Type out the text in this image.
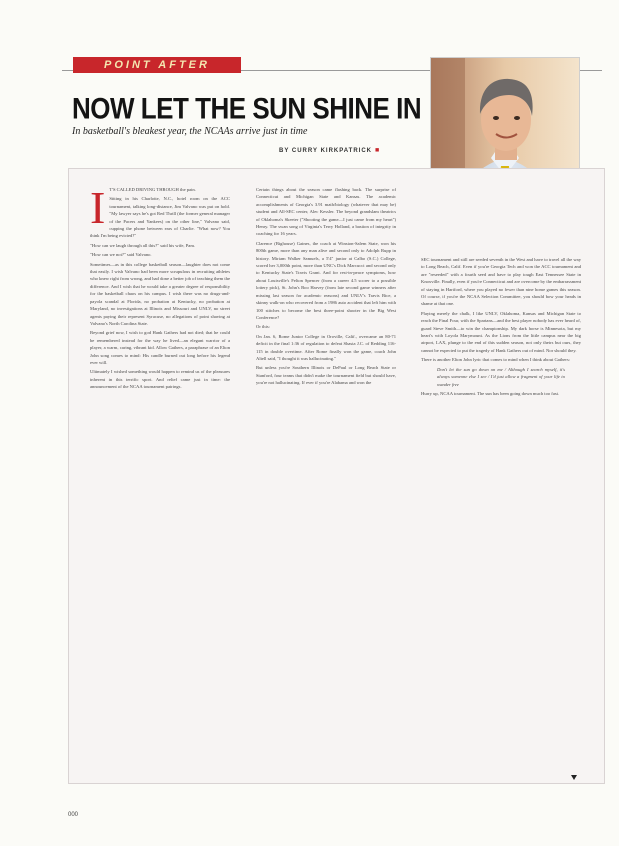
POINT AFTER
NOW LET THE SUN SHINE IN
In basketball's bleakest year, the NCAAs arrive just in time
BY CURRY KIRKPATRICK ■

I T'S CALLED DRIVING THROUGH the pain.

Sitting in his Charlotte, N.C., hotel room on the ACC tournament, talking long-distance, Jim Valvano was put on hold. "My lawyer says he's got Red Thrill (the former general manager of the Pacers and Yankees) on the other line," Valvano said, cupping the phone between ears of Charlie. "What now? You think I'm being evicted?"

"How can we laugh through all this?" said his wife, Pam.

"How can we not?" said Valvano.

Sometimes—as in this college basketball season—laughter does not come that easily. I wish Valvano had been more scrupulous in recruiting athletes who knew right from wrong, and had done a better job of teaching them the difference. And I wish that he would take a greater degree of responsibility for the basketball chaos on his campus. I wish there was no drugs-and-payola scandal at Florida, no probation at Kentucky, no probation at Maryland, no investigations at Illinois and Missouri and UNLV, no street agents paying their represent Syracuse, no allegations of point shaving at Valvano's North Carolina State.

Beyond grief now, I wish to god Hank Gathers had not died; that he could be remembered instead for the way he lived—an elegant warrior of a player, a warm, caring, vibrant kid. Allow Gathers, a paraphrase of an Elton John song comes to mind: His candle burned out long before his legend ever will.

Ultimately I wished something would happen to remind us of the pleasures inherent in this terrific sport. And relief came just in time: the announcement of the NCAA tournament pairings.

Certain things about the season came flashing back. The surprise of Connecticut and Michigan State and Kansas. The academic accomplishments of Georgia's 3.91 math/biology (whatever that may be) student and All-SEC center, Alec Kessler. The beyond grandslam theatrics of Oklahoma's Skeeter ("Shooting the game—I just came from my heart") Henry. The swan song of Virginia's Terry Holland, a bastion of integrity in coaching for 16 years.

Clarence (Bighouse) Gaines, the coach at Winston-Salem State, won his 800th game, more than any man alive and second only to Adolph Rupp in history. Miriam Walker Samuels, a 5'4" junior at Calbo (S.C.) College, scored her 3,000th point, more than UNC's Dick Marcucci and second only to Kentucky State's Travis Grant. And for rest-in-peace symptoms, how about Louisville's Felton Spencer (from a career 4.5 scorer to a possible lottery pick), St. John's Boo Harvey (from late second game winners after missing last season for academic reasons) and UNLV's Travis Bice, a skinny walk-on who recovered from a 1986 auto accident that left him with 100 stitches to become the best three-point shooter in the Big West Conference?

Or this:

On Jan. 6, Rome Junior College in Oroville, Calif., overcame an 80-71 deficit in the final 1:36 of regulation to defeat Shasta J.C. of Redding 116-115 in double overtime. After Rome finally won the game, coach John Altell said, "I thought it was hallucinating."

But unless you're Southern Illinois or DePaul or Long Beach State or Stanford, four teams that didn't make the tournament field but should have, you're not hallucinating. If ever if you're Alabama and won the

SEC tournament and still are seeded seventh in the West and have to travel all the way to Long Beach, Calif. Even if you're Georgia Tech and won the ACC tournament and are "reseeded" with a fourth seed and have to play tough East Tennessee State in Knoxville. Finally, even if you're Connecticut and are overcome by the embarrassment of staying in Hartford, where you played no fewer than nine home games this season. Of course, if you're the NCAA Selection Committee, you should bow your heads in shame at that one.

Playing merely the chalk, I like UNLV, Oklahoma, Kansas and Michigan State to reach the Final Four, with the Spartans—and the best player nobody has ever heard of, guard Steve Smith—to win the championship. My dark horse is Minnesota, but my heart's with Loyola Marymount. As the Lions from the little campus near the big airport, LAX, plunge to the end of this sudden season, not only theirs but ours, they cannot be expected to put the tragedy of Hank Gathers out of mind. Nor should they.

There is another Elton John lyric that comes to mind when I think about Gathers:

Don't let the sun go down on me / Although I search myself, it's always someone else I see / I'd just allow a fragment of your life to wander free

Hurry up, NCAA tournament. The sun has been going down much too fast.

000
